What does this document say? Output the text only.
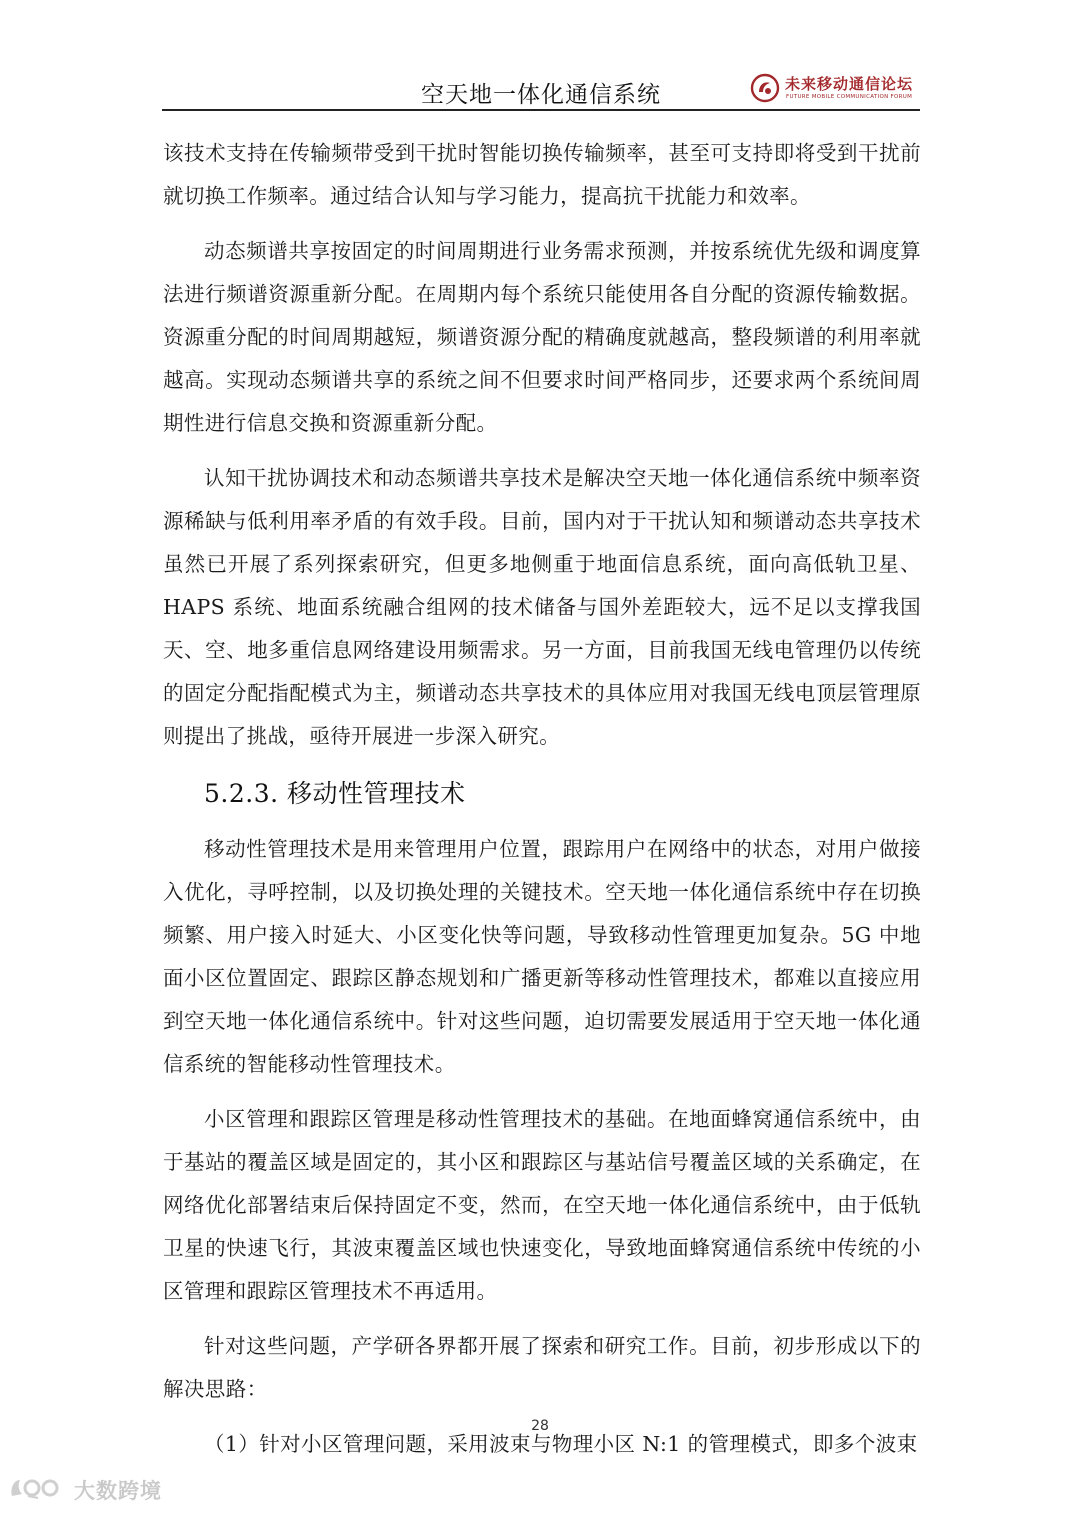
空天地一体化通信系统	未来移动通信论坛
FUTURE MOBILE COMMUNICATION FORUM

该技术支持在传输频带受到干扰时智能切换传输频率，甚至可支持即将受到干扰前就切换工作频率。通过结合认知与学习能力，提高抗干扰能力和效率。

动态频谱共享按固定的时间周期进行业务需求预测，并按系统优先级和调度算法进行频谱资源重新分配。在周期内每个系统只能使用各自分配的资源传输数据。资源重分配的时间周期越短，频谱资源分配的精确度就越高，整段频谱的利用率就越高。实现动态频谱共享的系统之间不但要求时间严格同步，还要求两个系统间周期性进行信息交换和资源重新分配。

认知干扰协调技术和动态频谱共享技术是解决空天地一体化通信系统中频率资源稀缺与低利用率矛盾的有效手段。目前，国内对于干扰认知和频谱动态共享技术虽然已开展了系列探索研究，但更多地侧重于地面信息系统，面向高低轨卫星、HAPS 系统、地面系统融合组网的技术储备与国外差距较大，远不足以支撑我国天、空、地多重信息网络建设用频需求。另一方面，目前我国无线电管理仍以传统的固定分配指配模式为主，频谱动态共享技术的具体应用对我国无线电顶层管理原则提出了挑战，亟待开展进一步深入研究。

5.2.3. 移动性管理技术

移动性管理技术是用来管理用户位置，跟踪用户在网络中的状态，对用户做接入优化，寻呼控制，以及切换处理的关键技术。空天地一体化通信系统中存在切换频繁、用户接入时延大、小区变化快等问题，导致移动性管理更加复杂。5G 中地面小区位置固定、跟踪区静态规划和广播更新等移动性管理技术，都难以直接应用到空天地一体化通信系统中。针对这些问题，迫切需要发展适用于空天地一体化通信系统的智能移动性管理技术。

小区管理和跟踪区管理是移动性管理技术的基础。在地面蜂窝通信系统中，由于基站的覆盖区域是固定的，其小区和跟踪区与基站信号覆盖区域的关系确定，在网络优化部署结束后保持固定不变，然而，在空天地一体化通信系统中，由于低轨卫星的快速飞行，其波束覆盖区域也快速变化，导致地面蜂窝通信系统中传统的小区管理和跟踪区管理技术不再适用。

针对这些问题，产学研各界都开展了探索和研究工作。目前，初步形成以下的解决思路：

（1）针对小区管理问题，采用波束与物理小区 N:1 的管理模式，即多个波束

28
大数跨境
